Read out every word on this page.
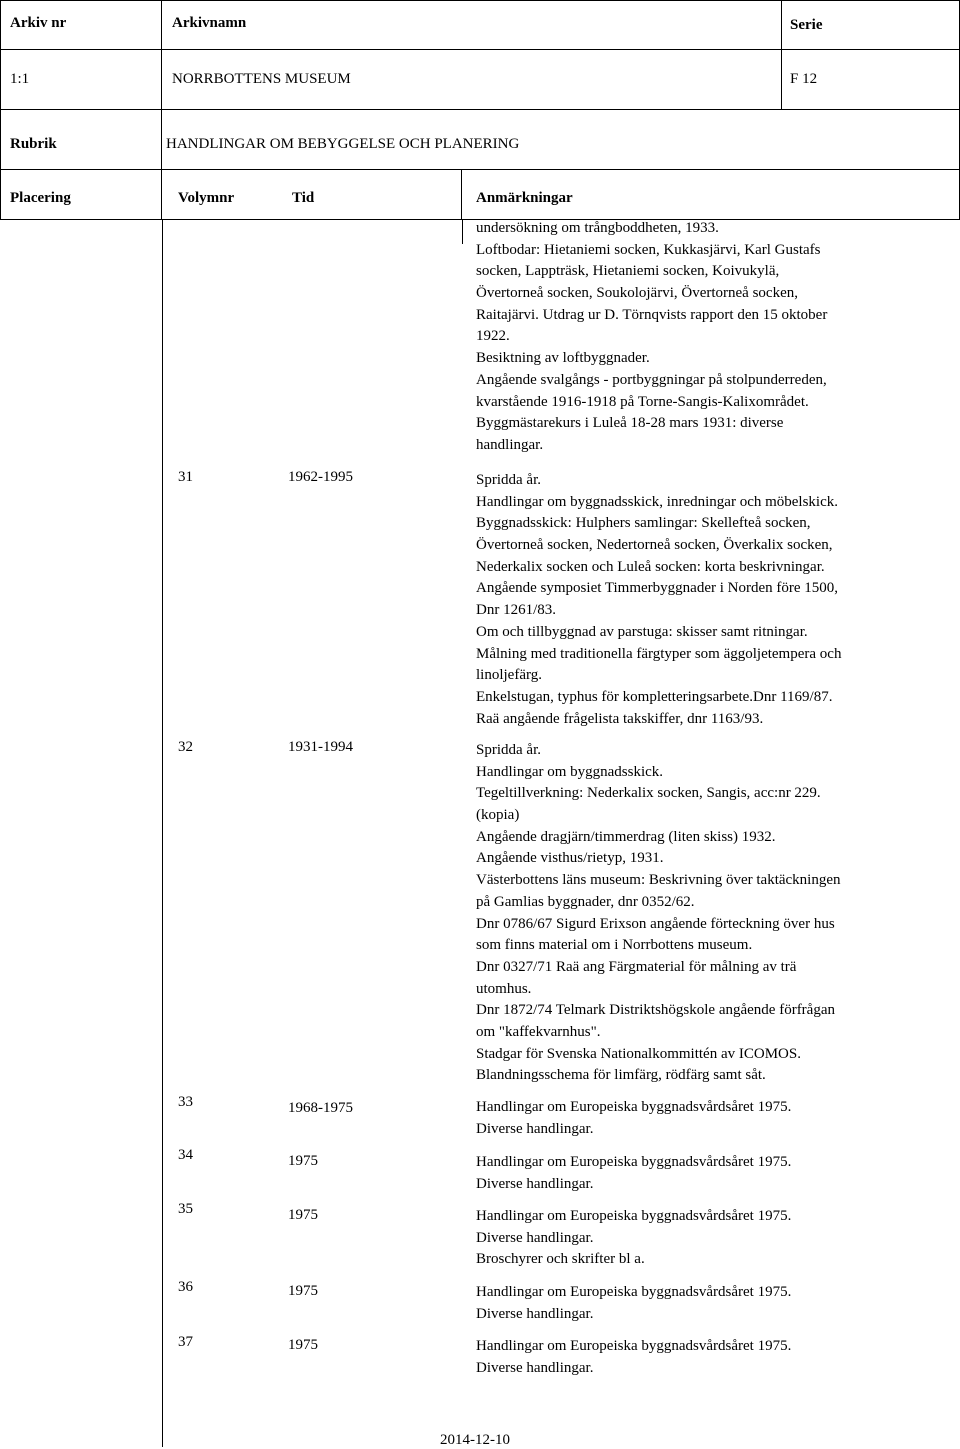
Arkiv nr	Arkivnamn	Serie
1:1	NORRBOTTENS MUSEUM	F 12
Rubrik	HANDLINGAR OM BEBYGGELSE OCH PLANERING
Placering	Volymnr	Tid	Anmärkningar
undersökning om trångboddheten, 1933.
Loftbodar: Hietaniemi socken, Kukkasjärvi, Karl Gustafs
socken, Lappträsk, Hietaniemi socken, Koivukylä,
Övertorneå socken, Soukolojärvi, Övertorneå socken,
Raitajärvi. Utdrag ur D. Törnqvists rapport den 15 oktober
1922.
Besiktning av loftbyggnader.
Angående svalgångs - portbyggningar på stolpunderreden,
kvarstående 1916-1918 på Torne-Sangis-Kalixområdet.
Byggmästarekurs i Luleå 18-28 mars 1931: diverse
handlingar.
31	1962-1995	Spridda år.
Handlingar om byggnadsskick, inredningar och möbelskick.
Byggnadsskick: Hulphers samlingar: Skellefteå socken,
Övertorneå socken, Nedertorneå socken, Överkalix socken,
Nederkalix socken och Luleå socken: korta beskrivningar.
Angående symposiet Timmerbyggnader i Norden före 1500,
Dnr 1261/83.
Om och tillbyggnad av parstuga: skisser samt ritningar.
Målning med traditionella färgtyper som äggoljetempera och
linoljefärg.
Enkelstugan, typhus för kompletteringsarbete.Dnr 1169/87.
Raä angående frågelista takskiffer, dnr 1163/93.
32	1931-1994	Spridda år.
Handlingar om byggnadsskick.
Tegeltillverkning: Nederkalix socken, Sangis, acc:nr 229.
(kopia)
Angående dragjärn/timmerdrag (liten skiss) 1932.
Angående visthus/rietyp, 1931.
Västerbottens läns museum: Beskrivning över taktäckningen
på Gamlias byggnader, dnr 0352/62.
Dnr 0786/67 Sigurd Erixson angående förteckning över hus
som finns material om i Norrbottens museum.
Dnr 0327/71 Raä ang Färgmaterial för målning av trä
utomhus.
Dnr 1872/74 Telmark Distriktshögskole angående förfrågan
om "kaffekvarnhus".
Stadgar för Svenska Nationalkommittén av ICOMOS.
Blandningsschema för limfärg, rödfärg samt såt.
33	1968-1975	Handlingar om Europeiska byggnadsvårdsåret 1975.
Diverse handlingar.
34	1975	Handlingar om Europeiska byggnadsvårdsåret 1975.
Diverse handlingar.
35	1975	Handlingar om Europeiska byggnadsvårdsåret 1975.
Diverse handlingar.
Broschyrer och skrifter bl a.
36	1975	Handlingar om Europeiska byggnadsvårdsåret 1975.
Diverse handlingar.
37	1975	Handlingar om Europeiska byggnadsvårdsåret 1975.
Diverse handlingar.
2014-12-10
